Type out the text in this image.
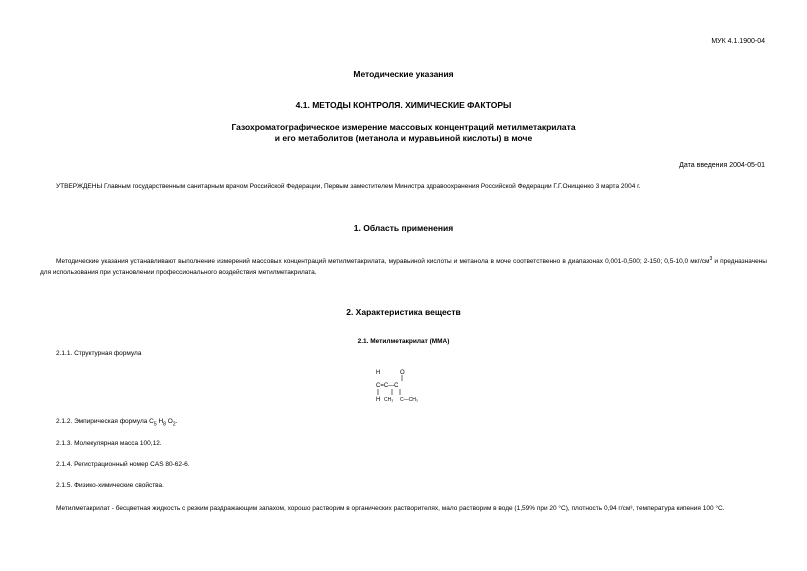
МУК 4.1.1900-04
Методические указания
4.1. МЕТОДЫ КОНТРОЛЯ. ХИМИЧЕСКИЕ ФАКТОРЫ
Газохроматографическое измерение массовых концентраций метилметакрилата
и его метаболитов (метанола и муравьиной кислоты) в моче
Дата введения 2004-05-01
УТВЕРЖДЕНЫ Главным государственным санитарным врачом Российской Федерации, Первым заместителем Министра здравоохранения Российской Федерации Г.Г.Онищенко 3 марта 2004 г.
1. Область применения
Методические указания устанавливают выполнение измерений массовых концентраций метилметакрилата, муравьиной кислоты и метанола в моче соответственно в диапазонах 0,001-0,500; 2-150; 0,5-10,0 мкг/$см^3$ и предназначены для использования при установлении профессионального воздействия метилметакрилата.
2. Характеристика веществ
2.1. Метилметакрилат (ММА)
2.1.1. Структурная формула
H	O
C=C—C
H CH₃ C—CH₃
2.1.2. Эмпирическая формула $C_5$ $H_8$ $O_2$.
2.1.3. Молекулярная масса 100,12.
2.1.4. Регистрационный номер CAS 80-62-6.
2.1.5. Физико-химические свойства.
Метилметакрилат - бесцветная жидкость с резким раздражающим запахом, хорошо растворим в органических растворителях, мало растворим в воде (1,59% при 20 °С), плотность 0,94 г/см³, температура кипения 100 °С.
